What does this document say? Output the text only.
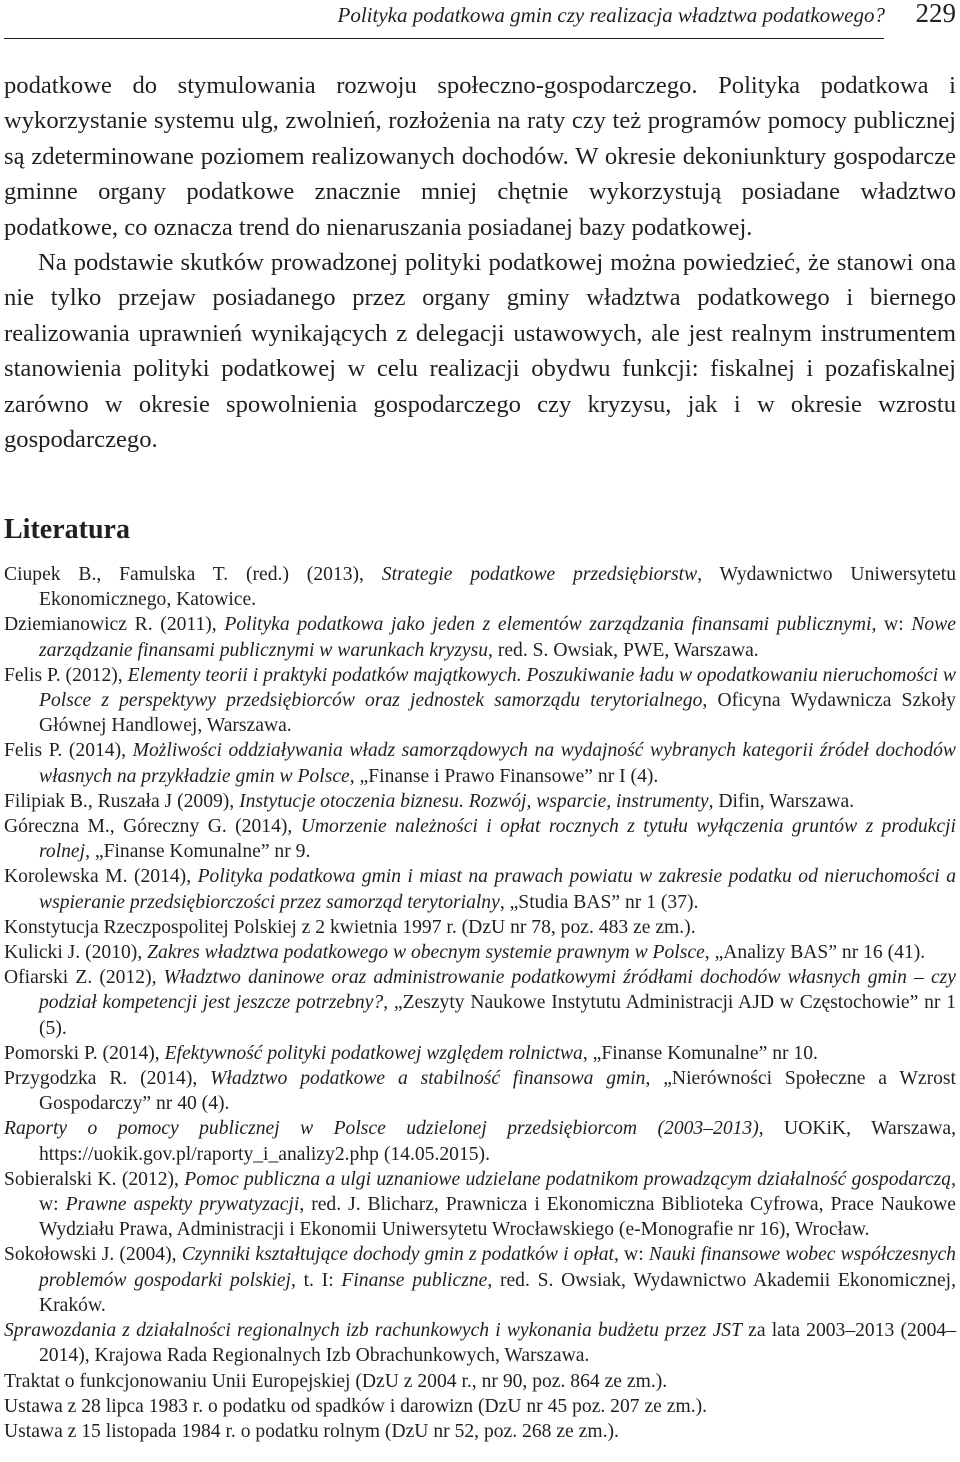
Polityka podatkowa gmin czy realizacja władztwa podatkowego? 229

podatkowe do stymulowania rozwoju społeczno-gospodarczego. Polityka podatkowa i wykorzystanie systemu ulg, zwolnień, rozłożenia na raty czy też programów pomocy publicznej są zdeterminowane poziomem realizowanych dochodów. W okresie dekoniunktury gospodarcze gminne organy podatkowe znacznie mniej chętnie wykorzystują posiadane władztwo podatkowe, co oznacza trend do nienaruszania posiadanej bazy podatkowej.

Na podstawie skutków prowadzonej polityki podatkowej można powiedzieć, że stanowi ona nie tylko przejaw posiadanego przez organy gminy władztwa podatkowego i biernego realizowania uprawnień wynikających z delegacji ustawowych, ale jest realnym instrumentem stanowienia polityki podatkowej w celu realizacji obydwu funkcji: fiskalnej i pozafiskalnej zarówno w okresie spowolnienia gospodarczego czy kryzysu, jak i w okresie wzrostu gospodarczego.

Literatura
Ciupek B., Famulska T. (red.) (2013), Strategie podatkowe przedsiębiorstw, Wydawnictwo Uniwersytetu Ekonomicznego, Katowice.
Dziemianowicz R. (2011), Polityka podatkowa jako jeden z elementów zarządzania finansami publicznymi, w: Nowe zarządzanie finansami publicznymi w warunkach kryzysu, red. S. Owsiak, PWE, Warszawa.
Felis P. (2012), Elementy teorii i praktyki podatków majątkowych. Poszukiwanie ładu w opodatkowaniu nieruchomości w Polsce z perspektywy przedsiębiorców oraz jednostek samorządu terytorialnego, Oficyna Wydawnicza Szkoły Głównej Handlowej, Warszawa.
Felis P. (2014), Możliwości oddziaływania władz samorządowych na wydajność wybranych kategorii źródeł dochodów własnych na przykładzie gmin w Polsce, „Finanse i Prawo Finansowe” nr I (4).
Filipiak B., Ruszała J (2009), Instytucje otoczenia biznesu. Rozwój, wsparcie, instrumenty, Difin, Warszawa.
Góreczna M., Góreczny G. (2014), Umorzenie należności i opłat rocznych z tytułu wyłączenia gruntów z produkcji rolnej, „Finanse Komunalne” nr 9.
Korolewska M. (2014), Polityka podatkowa gmin i miast na prawach powiatu w zakresie podatku od nieruchomości a wspieranie przedsiębiorczości przez samorząd terytorialny, „Studia BAS” nr 1 (37).
Konstytucja Rzeczpospolitej Polskiej z 2 kwietnia 1997 r. (DzU nr 78, poz. 483 ze zm.).
Kulicki J. (2010), Zakres władztwa podatkowego w obecnym systemie prawnym w Polsce, „Analizy BAS” nr 16 (41).
Ofiarski Z. (2012), Władztwo daninowe oraz administrowanie podatkowymi źródłami dochodów własnych gmin – czy podział kompetencji jest jeszcze potrzebny?, „Zeszyty Naukowe Instytutu Administracji AJD w Częstochowie” nr 1 (5).
Pomorski P. (2014), Efektywność polityki podatkowej względem rolnictwa, „Finanse Komunalne” nr 10.
Przygodzka R. (2014), Władztwo podatkowe a stabilność finansowa gmin, „Nierówności Społeczne a Wzrost Gospodarczy” nr 40 (4).
Raporty o pomocy publicznej w Polsce udzielonej przedsiębiorcom (2003–2013), UOKiK, Warszawa, https://uokik.gov.pl/raporty_i_analizy2.php (14.05.2015).
Sobieralski K. (2012), Pomoc publiczna a ulgi uznaniowe udzielane podatnikom prowadzącym działalność gospodarczą, w: Prawne aspekty prywatyzacji, red. J. Blicharz, Prawnicza i Ekonomiczna Biblioteka Cyfrowa, Prace Naukowe Wydziału Prawa, Administracji i Ekonomii Uniwersytetu Wrocławskiego (e-Monografie nr 16), Wrocław.
Sokołowski J. (2004), Czynniki kształtujące dochody gmin z podatków i opłat, w: Nauki finansowe wobec współczesnych problemów gospodarki polskiej, t. I: Finanse publiczne, red. S. Owsiak, Wydawnictwo Akademii Ekonomicznej, Kraków.
Sprawozdania z działalności regionalnych izb rachunkowych i wykonania budżetu przez JST za lata 2003–2013 (2004–2014), Krajowa Rada Regionalnych Izb Obrachunkowych, Warszawa.
Traktat o funkcjonowaniu Unii Europejskiej (DzU z 2004 r., nr 90, poz. 864 ze zm.).
Ustawa z 28 lipca 1983 r. o podatku od spadków i darowizn (DzU nr 45 poz. 207 ze zm.).
Ustawa z 15 listopada 1984 r. o podatku rolnym (DzU nr 52, poz. 268 ze zm.).
